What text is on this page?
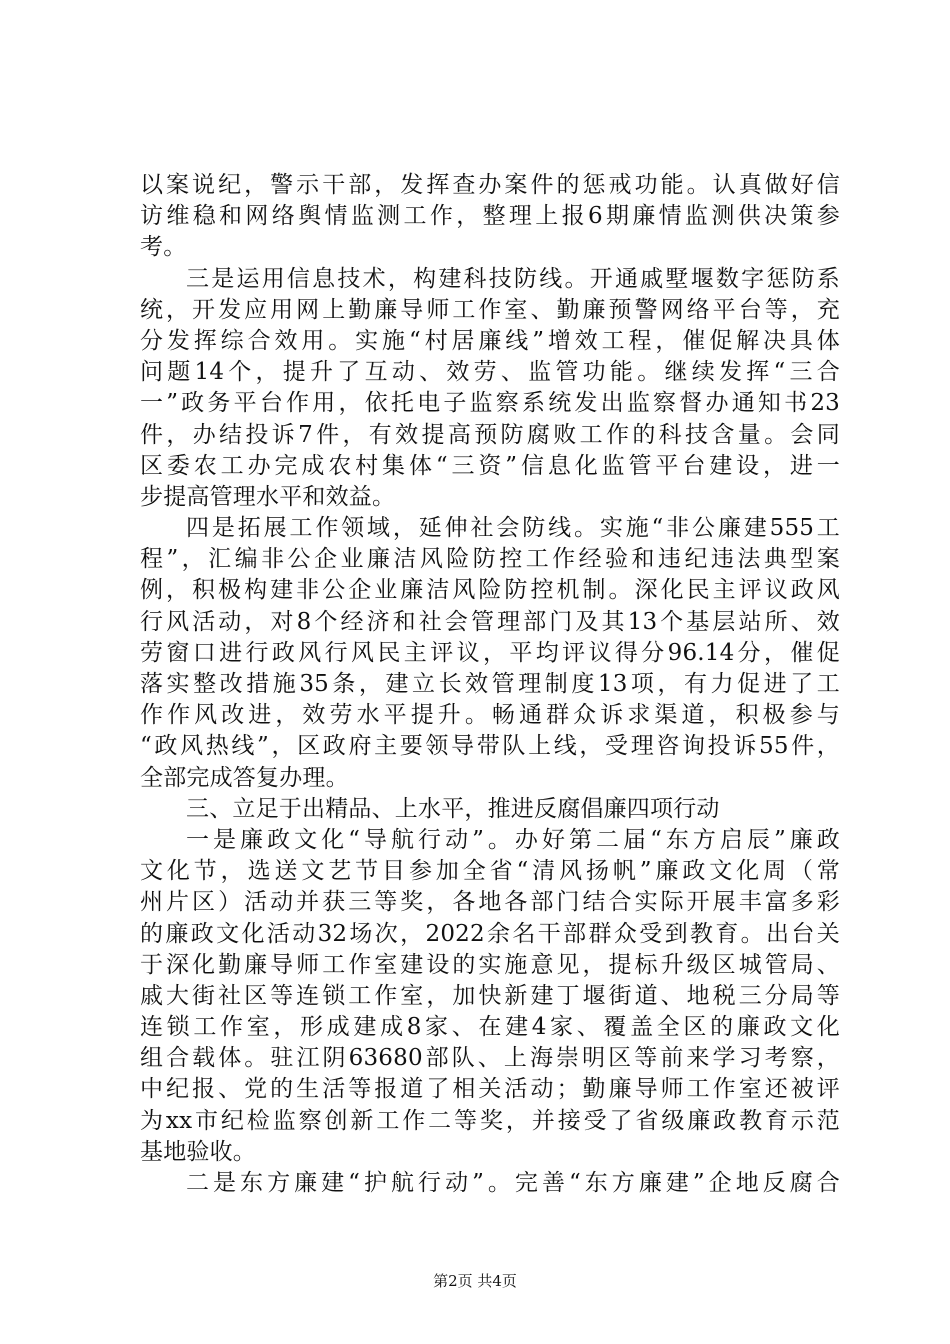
以案说纪，警示干部，发挥查办案件的惩戒功能。认真做好信
访维稳和网络舆情监测工作，整理上报6期廉情监测供决策参
考。
三是运用信息技术，构建科技防线。开通戚墅堰数字惩防系
统，开发应用网上勤廉导师工作室、勤廉预警网络平台等，充
分发挥综合效用。实施“村居廉线”增效工程，催促解决具体
问题14个，提升了互动、效劳、监管功能。继续发挥“三合
一”政务平台作用，依托电子监察系统发出监察督办通知书23
件，办结投诉7件，有效提高预防腐败工作的科技含量。会同
区委农工办完成农村集体“三资”信息化监管平台建设，进一
步提高管理水平和效益。
四是拓展工作领域，延伸社会防线。实施“非公廉建555工
程”，汇编非公企业廉洁风险防控工作经验和违纪违法典型案
例，积极构建非公企业廉洁风险防控机制。深化民主评议政风
行风活动，对8个经济和社会管理部门及其13个基层站所、效
劳窗口进行政风行风民主评议，平均评议得分96.14分，催促
落实整改措施35条，建立长效管理制度13项，有力促进了工
作作风改进，效劳水平提升。畅通群众诉求渠道，积极参与
“政风热线”，区政府主要领导带队上线，受理咨询投诉55件，
全部完成答复办理。
三、立足于出精品、上水平，推进反腐倡廉四项行动
一是廉政文化“导航行动”。办好第二届“东方启辰”廉政
文化节，选送文艺节目参加全省“清风扬帆”廉政文化周（常
州片区）活动并获三等奖，各地各部门结合实际开展丰富多彩
的廉政文化活动32场次，2022余名干部群众受到教育。出台关
于深化勤廉导师工作室建设的实施意见，提标升级区城管局、
戚大街社区等连锁工作室，加快新建丁堰街道、地税三分局等
连锁工作室，形成建成8家、在建4家、覆盖全区的廉政文化
组合载体。驻江阴63680部队、上海崇明区等前来学习考察，
中纪报、党的生活等报道了相关活动；勤廉导师工作室还被评
为xx市纪检监察创新工作二等奖，并接受了省级廉政教育示范
基地验收。
二是东方廉建“护航行动”。完善“东方廉建”企地反腐合
第2页 共4页
